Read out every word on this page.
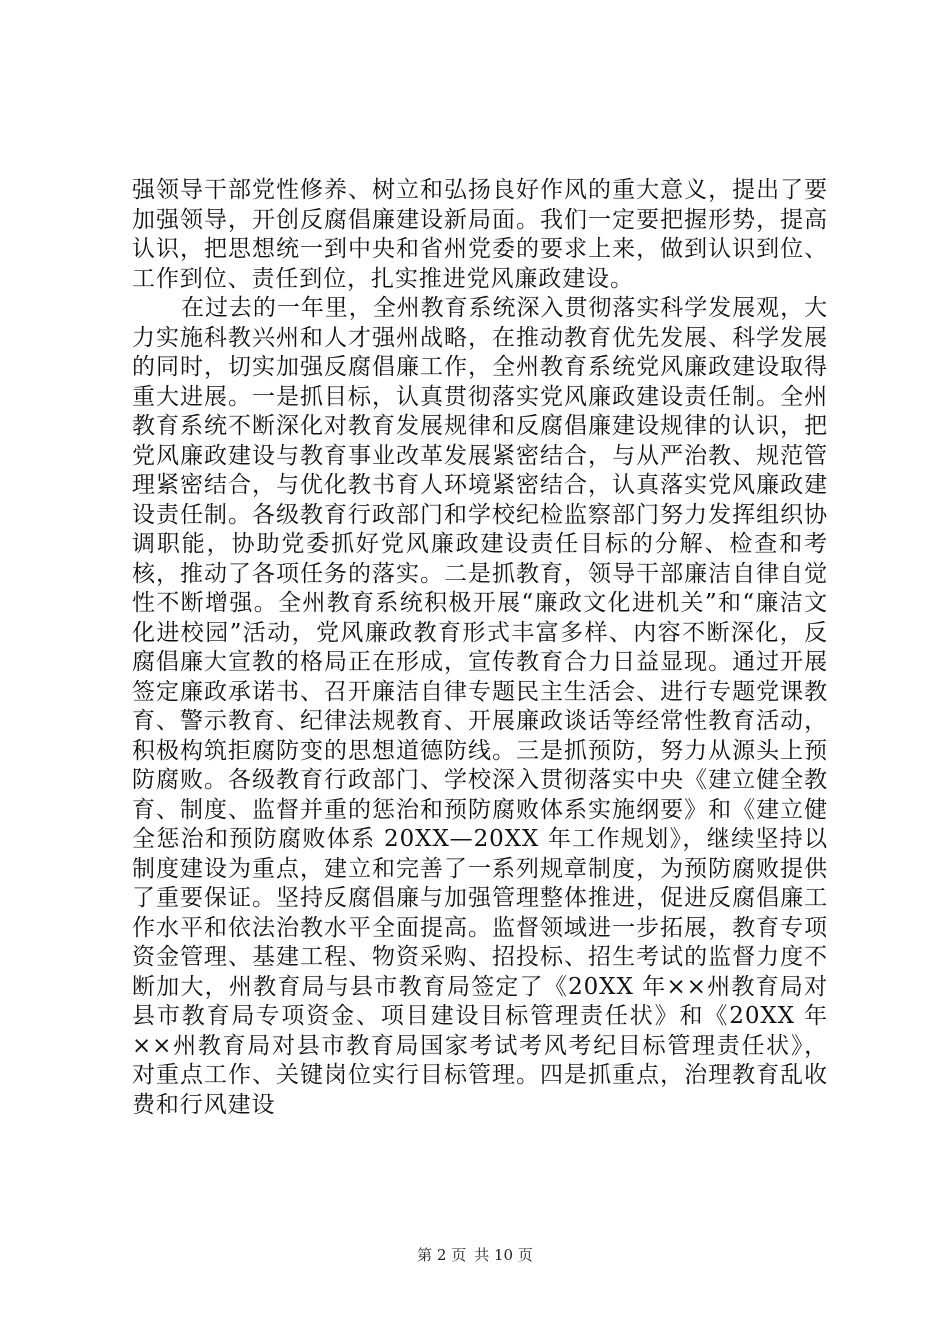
强领导干部党性修养、树立和弘扬良好作风的重大意义，提出了要加强领导，开创反腐倡廉建设新局面。我们一定要把握形势，提高认识，把思想统一到中央和省州党委的要求上来，做到认识到位、工作到位、责任到位，扎实推进党风廉政建设。

在过去的一年里，全州教育系统深入贯彻落实科学发展观，大力实施科教兴州和人才强州战略，在推动教育优先发展、科学发展的同时，切实加强反腐倡廉工作，全州教育系统党风廉政建设取得重大进展。一是抓目标，认真贯彻落实党风廉政建设责任制。全州教育系统不断深化对教育发展规律和反腐倡廉建设规律的认识，把党风廉政建设与教育事业改革发展紧密结合，与从严治教、规范管理紧密结合，与优化教书育人环境紧密结合，认真落实党风廉政建设责任制。各级教育行政部门和学校纪检监察部门努力发挥组织协调职能，协助党委抓好党风廉政建设责任目标的分解、检查和考核，推动了各项任务的落实。二是抓教育，领导干部廉洁自律自觉性不断增强。全州教育系统积极开展“廉政文化进机关”和“廉洁文化进校园”活动，党风廉政教育形式丰富多样、内容不断深化，反腐倡廉大宣教的格局正在形成，宣传教育合力日益显现。通过开展签定廉政承诺书、召开廉洁自律专题民主生活会、进行专题党课教育、警示教育、纪律法规教育、开展廉政谈话等经常性教育活动，积极构筑拒腐防变的思想道德防线。三是抓预防，努力从源头上预防腐败。各级教育行政部门、学校深入贯彻落实中央《建立健全教育、制度、监督并重的惩治和预防腐败体系实施纲要》和《建立健全惩治和预防腐败体系 20XX—20XX 年工作规划》，继续坚持以制度建设为重点，建立和完善了一系列规章制度，为预防腐败提供了重要保证。坚持反腐倡廉与加强管理整体推进，促进反腐倡廉工作水平和依法治教水平全面提高。监督领域进一步拓展，教育专项资金管理、基建工程、物资采购、招投标、招生考试的监督力度不断加大，州教育局与县市教育局签定了《20XX 年××州教育局对县市教育局专项资金、项目建设目标管理责任状》和《20XX 年××州教育局对县市教育局国家考试考风考纪目标管理责任状》，对重点工作、关键岗位实行目标管理。四是抓重点，治理教育乱收费和行风建设

第 2 页 共 10 页
